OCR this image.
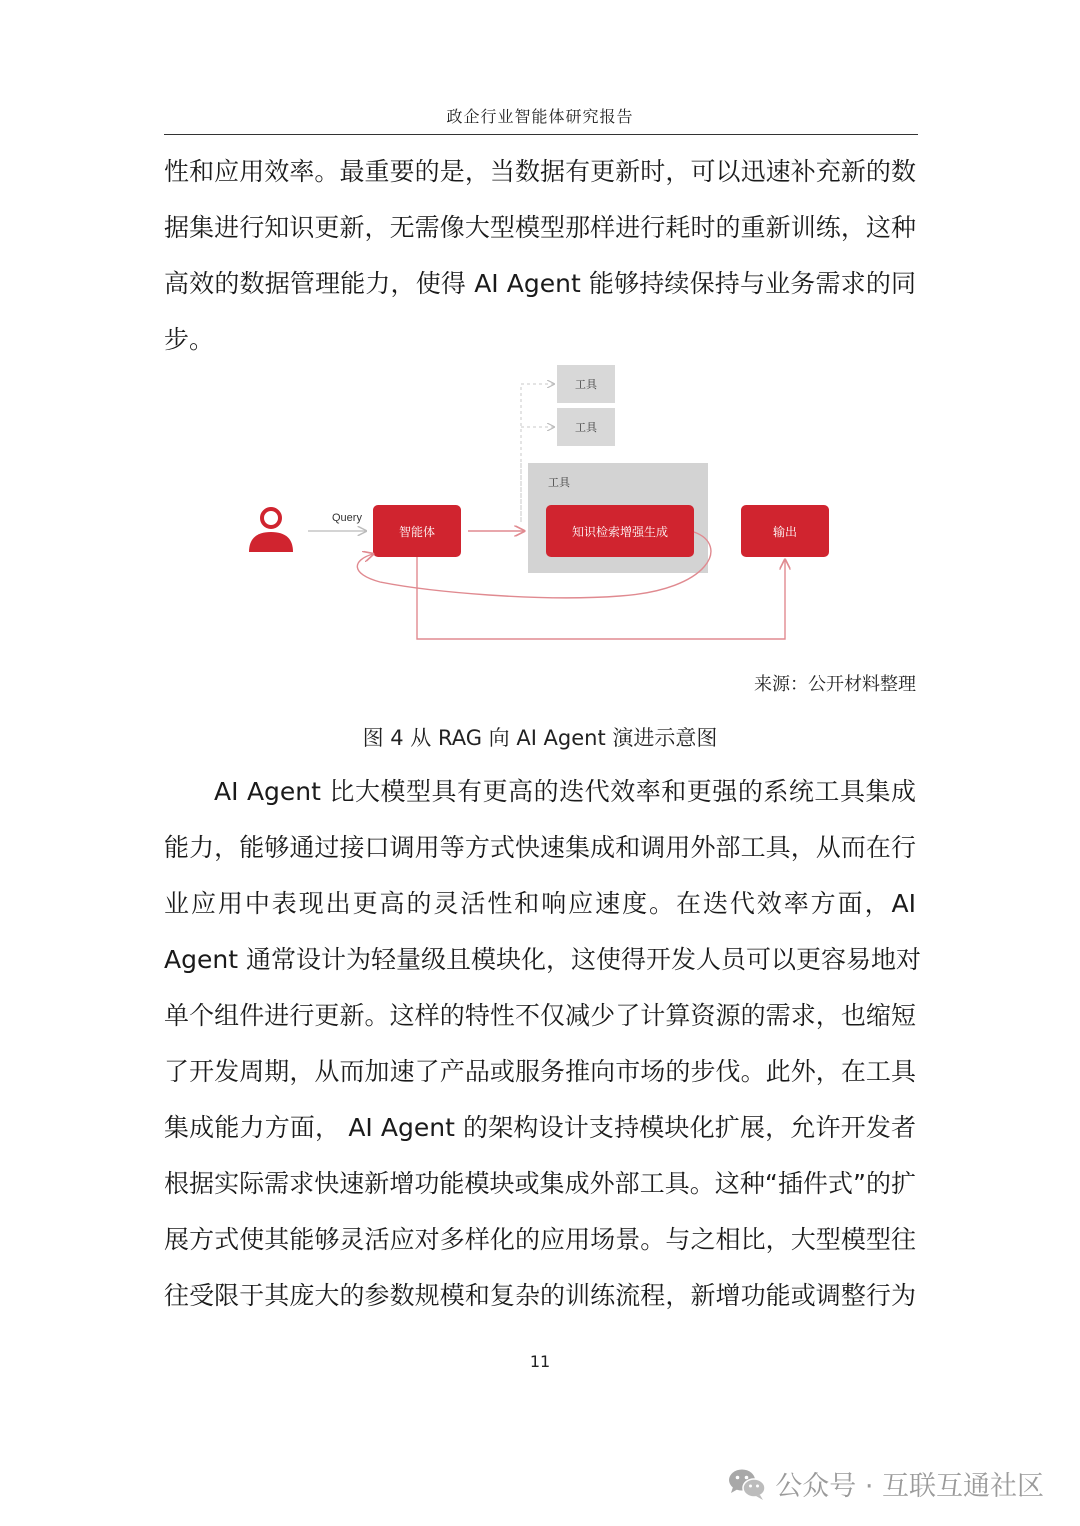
政企行业智能体研究报告
性和应用效率。最重要的是，当数据有更新时，可以迅速补充新的数
据集进行知识更新，无需像大型模型那样进行耗时的重新训练，这种
高效的数据管理能力，使得 AI Agent 能够持续保持与业务需求的同
步。
Query
智能体
工具
工具
工具
知识检索增强生成	输出
来源：公开材料整理
图 4 从 RAG 向 AI Agent 演进示意图
AI Agent 比大模型具有更高的迭代效率和更强的系统工具集成
能力，能够通过接口调用等方式快速集成和调用外部工具，从而在行
业应用中表现出更高的灵活性和响应速度。在迭代效率方面，AI
Agent 通常设计为轻量级且模块化，这使得开发人员可以更容易地对
单个组件进行更新。这样的特性不仅减少了计算资源的需求，也缩短
了开发周期，从而加速了产品或服务推向市场的步伐。此外，在工具
集成能力方面， AI Agent 的架构设计支持模块化扩展，允许开发者
根据实际需求快速新增功能模块或集成外部工具。这种“插件式”的扩
展方式使其能够灵活应对多样化的应用场景。与之相比，大型模型往
往受限于其庞大的参数规模和复杂的训练流程，新增功能或调整行为
11
公众号 · 互联互通社区
